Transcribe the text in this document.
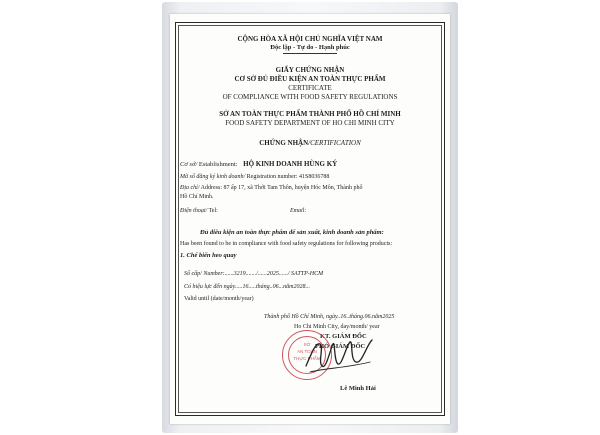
CỘNG HÒA XÃ HỘI CHỦ NGHĨA VIỆT NAM
Độc lập - Tự do - Hạnh phúc
GIẤY CHỨNG NHẬN
CƠ SỞ ĐỦ ĐIỀU KIỆN AN TOÀN THỰC PHẨM
CERTIFICATE
OF COMPLIANCE WITH FOOD SAFETY REGULATIONS
SỞ AN TOÀN THỰC PHẨM THÀNH PHỐ HỒ CHÍ MINH
FOOD SAFETY DEPARTMENT OF HO CHI MINH CITY
CHỨNG NHẬN/CERTIFICATION
Cơ sở/ Establishment: HỘ KINH DOANH HÙNG KÝ
Mã số đăng ký kinh doanh/ Registration number: 41S8036788
Địa chỉ/ Address: 87 ấp 17, xã Thới Tam Thôn, huyện Hóc Môn, Thành phố
Hồ Chí Minh.
Điện thoại/ Tel:	Email:
Đủ điều kiện an toàn thực phẩm để sản xuất, kinh doanh sản phẩm:
Has been found to be in compliance with food safety regulations for following products:
1. Chế biến heo quay
Số cấp/ Number:......3219......./......2025....../ SATTP-HCM
Có hiệu lực đến ngày.....16.....tháng..06...năm2028...
Valid until (date/month/year)
Thành phố Hồ Chí Minh, ngày..16..tháng.06.năm2025
Ho Chi Minh City, day/month/ year
KT. GIÁM ĐỐC
PHÓ GIÁM ĐỐC
SỞ
AN TOÀN
THỰC PHẨM
Lê Minh Hải
